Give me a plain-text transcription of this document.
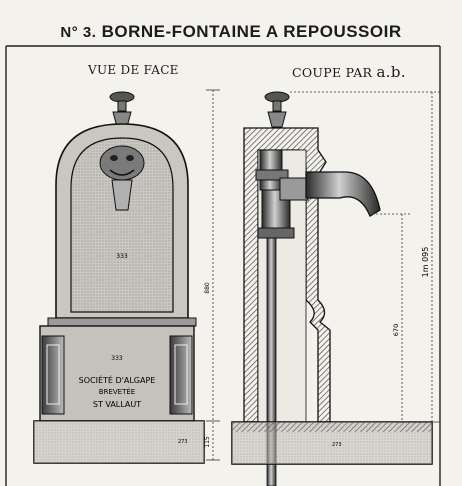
N° 3. BORNE-FONTAINE A REPOUSSOIR
VUE DE FACE	COUPE PAR a.b.
333
333
SOCIÉTÉ D'ALGAPE
BREVETÉE
ST VALLAUT
273
880
115	273
670
1m 095
